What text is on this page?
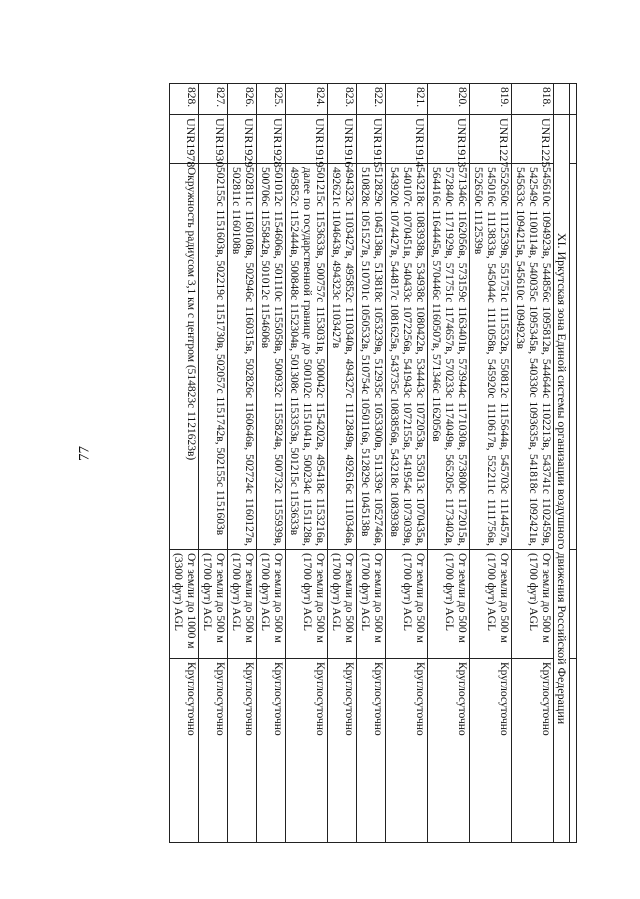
77

		XI. Иркутская зона Единой системы организации воздушного движения Российской Федерации			
818.	UNR1225	545610с 1094923в, 544856с 1095812в, 544644с 1102213в, 543741с 1102459в, 542549с 1100114в, 540035с 1095345в, 540330с 1093635в, 541818с 1092421в, 545633с 1094215в, 545610с 1094923в	От земли до 500 м (1700 фут) AGL	Круглосуточно
819.	UNR1227	552650с 1112539в, 551751с 1115532в, 550812с 1115644в, 545703с 1114457в, 545016с 1113833в, 545044с 1111058в, 545920с 1110617в, 552211с 1111756в, 552650с 1112539в	От земли до 500 м (1700 фут) AGL	Круглосуточно
820.	UNR1913	571346с 1162056в, 573159с 1163401в, 573944с 1171030в, 573800с 1172015в, 572840с 1171929в, 571751с 1174657в, 570233с 1174049в, 565205с 1173402в, 564416с 1164445в, 570446с 1160507в, 571346с 1162056в	От земли до 500 м (1700 фут) AGL	Круглосуточно
821.	UNR1914	543218с 1083938в, 534938с 1080422в, 534443с 1072053в, 535013с 1070435в, 540107с 1070451в, 540433с 1072256в, 541943с 1072155в, 541954с 1073039в, 543920с 1074427в, 544817с 1081625в, 543735с 1083856в, 543218с 1083938в	От земли до 500 м (1700 фут) AGL	Круглосуточно
822.	UNR1915	512829с 1045138в, 513818с 1053239в, 512935с 1053300в, 511339с 1052746в, 510828с 1051527в, 510701с 1050532в, 510754с 1050116в, 512829с 1045138в	От земли до 500 м (1700 фут) AGL	Круглосуточно
823.	UNR1916	494323с 1103427в, 495852с 1110340в, 494327с 1112849в, 492616с 1110346в, 492621с 1104643в, 494323с 1103427в	От земли до 500 м (1700 фут) AGL	Круглосуточно
824.	UNR1919	501215с 1153633в, 500757с 1153031в, 500042с 1154202в, 495418с 1153216в, далее по государственной границе до 500102с 1151041в, 500234с 1151128в, 495852с 1152444в, 500848с 1152304в, 501308с 1153353в, 501215с 1153633в	От земли до 500 м (1700 фут) AGL	Круглосуточно
825.	UNR1928	501012с 1154606в, 501110с 1155058в, 500932с 1155824в, 500732с 1155939в, 500706с 1155842в, 501012с 1154606в	От земли до 500 м (1700 фут) AGL	Круглосуточно
826.	UNR1929	502811с 1160108в, 502946с 1160315в, 502826с 1160646в, 502724с 1160127в, 502811с 1160108в	От земли до 500 м (1700 фут) AGL	Круглосуточно
827.	UNR1930	502155с 1151603в, 502219с 1151730в, 502057с 1151742в, 502155с 1151603в	От земли до 500 м (1700 фут) AGL	Круглосуточно
828.	UNR1978	Окружность радиусом 3,1 км с центром (514823с 1121623в)	От земли до 1000 м (3300 фут) AGL	Круглосуточно
